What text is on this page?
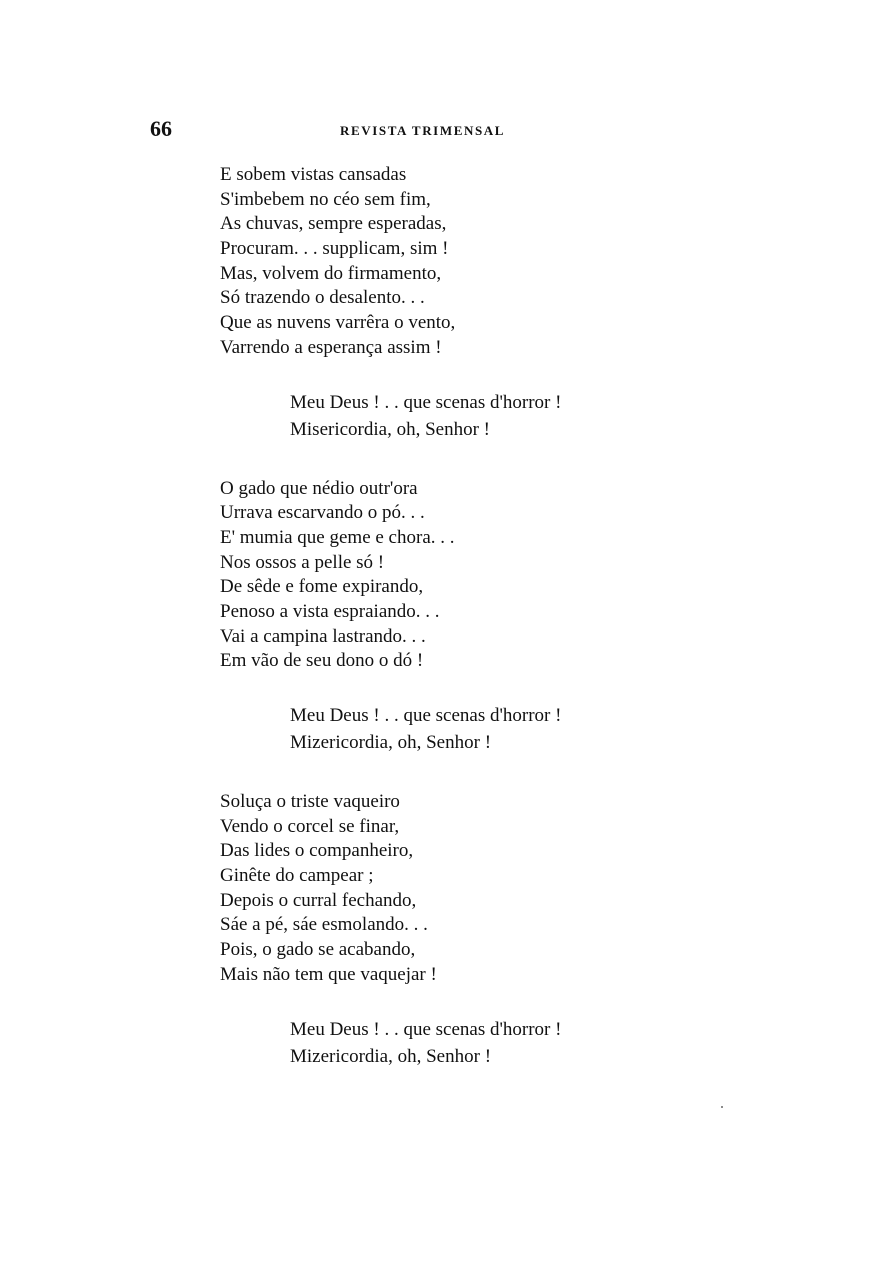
66	REVISTA TRIMENSAL
E sobem vistas cansadas
S'imbebem no céo sem fim,
As chuvas, sempre esperadas,
Procuram. . . supplicam, sim !
Mas, volvem do firmamento,
Só trazendo o desalento. . .
Que as nuvens varrêra o vento,
Varrendo a esperança assim !
Meu Deus ! . . que scenas d'horror !
Misericordia, oh, Senhor !
O gado que nédio outr'ora
Urrava escarvando o pó. . .
E' mumia que geme e chora. . .
Nos ossos a pelle só !
De sêde e fome expirando,
Penoso a vista espraiando. . .
Vai a campina lastrando. . .
Em vão de seu dono o dó !
Meu Deus ! . . que scenas d'horror !
Mizericordia, oh, Senhor !
Soluça o triste vaqueiro
Vendo o corcel se finar,
Das lides o companheiro,
Ginête do campear ;
Depois o curral fechando,
Sáe a pé, sáe esmolando. . .
Pois, o gado se acabando,
Mais não tem que vaquejar !
Meu Deus ! . . que scenas d'horror !
Mizericordia, oh, Senhor !
